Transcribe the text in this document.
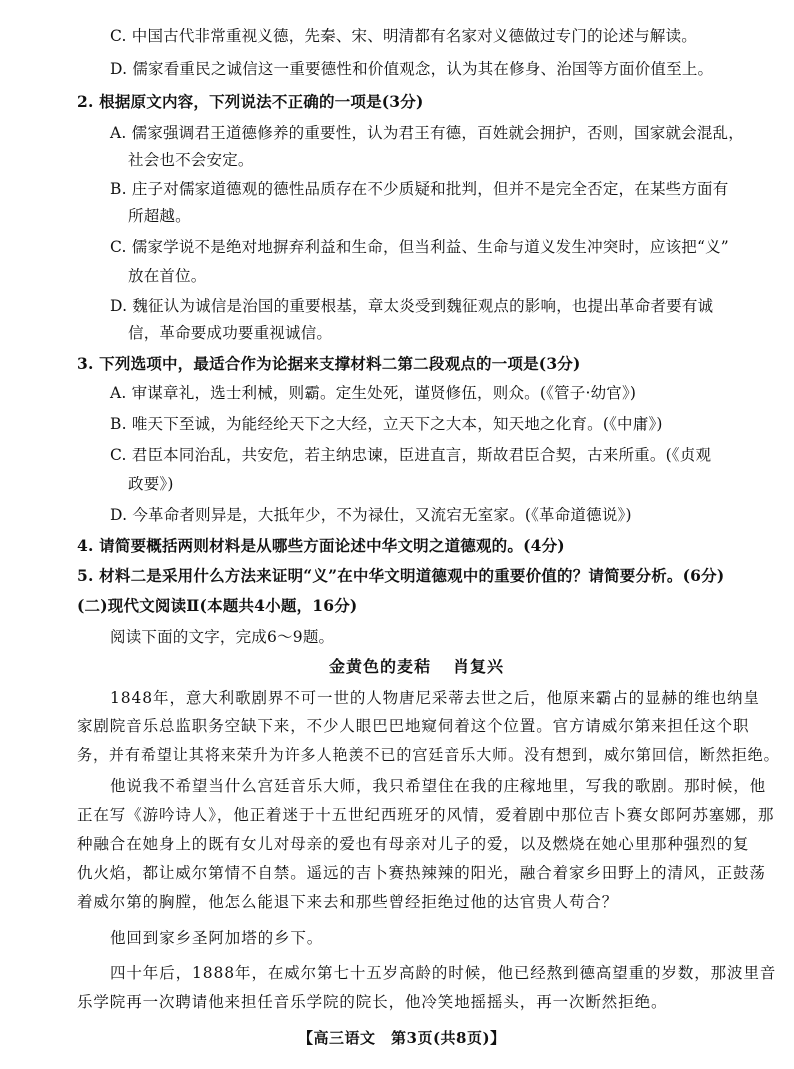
C. 中国古代非常重视义德，先秦、宋、明清都有名家对义德做过专门的论述与解读。
D. 儒家看重民之诚信这一重要德性和价值观念，认为其在修身、治国等方面价值至上。
2. 根据原文内容，下列说法不正确的一项是(3分)
A. 儒家强调君王道德修养的重要性，认为君王有德，百姓就会拥护，否则，国家就会混乱，
社会也不会安定。
B. 庄子对儒家道德观的德性品质存在不少质疑和批判，但并不是完全否定，在某些方面有
所超越。
C. 儒家学说不是绝对地摒弃利益和生命，但当利益、生命与道义发生冲突时，应该把“义”
放在首位。
D. 魏征认为诚信是治国的重要根基，章太炎受到魏征观点的影响，也提出革命者要有诚
信，革命要成功要重视诚信。
3. 下列选项中，最适合作为论据来支撑材料二第二段观点的一项是(3分)
A. 审谋章礼，选士利械，则霸。定生处死，谨贤修伍，则众。(《管子·幼官》)
B. 唯天下至诚，为能经纶天下之大经，立天下之大本，知天地之化育。(《中庸》)
C. 君臣本同治乱，共安危，若主纳忠谏，臣进直言，斯故君臣合契，古来所重。(《贞观
政要》)
D. 今革命者则异是，大抵年少，不为禄仕，又流宕无室家。(《革命道德说》)
4. 请简要概括两则材料是从哪些方面论述中华文明之道德观的。(4分)
5. 材料二是采用什么方法来证明“义”在中华文明道德观中的重要价值的？请简要分析。(6分)
(二)现代文阅读Ⅱ(本题共4小题，16分)
阅读下面的文字，完成6～9题。
金黄色的麦秸 肖复兴
1848年，意大利歌剧界不可一世的人物唐尼采蒂去世之后，他原来霸占的显赫的维也纳皇
家剧院音乐总监职务空缺下来，不少人眼巴巴地窥伺着这个位置。官方请威尔第来担任这个职
务，并有希望让其将来荣升为许多人艳羡不已的宫廷音乐大师。没有想到，威尔第回信，断然拒绝。
他说我不希望当什么宫廷音乐大师，我只希望住在我的庄稼地里，写我的歌剧。那时候，他
正在写《游吟诗人》，他正着迷于十五世纪西班牙的风情，爱着剧中那位吉卜赛女郎阿苏塞娜，那
种融合在她身上的既有女儿对母亲的爱也有母亲对儿子的爱，以及燃烧在她心里那种强烈的复
仇火焰，都让威尔第情不自禁。遥远的吉卜赛热辣辣的阳光，融合着家乡田野上的清风，正鼓荡
着威尔第的胸膛，他怎么能退下来去和那些曾经拒绝过他的达官贵人苟合？
他回到家乡圣阿加塔的乡下。
四十年后，1888年，在威尔第七十五岁高龄的时候，他已经熬到德高望重的岁数，那波里音
乐学院再一次聘请他来担任音乐学院的院长，他冷笑地摇摇头，再一次断然拒绝。
【高三语文　第3页(共8页)】
